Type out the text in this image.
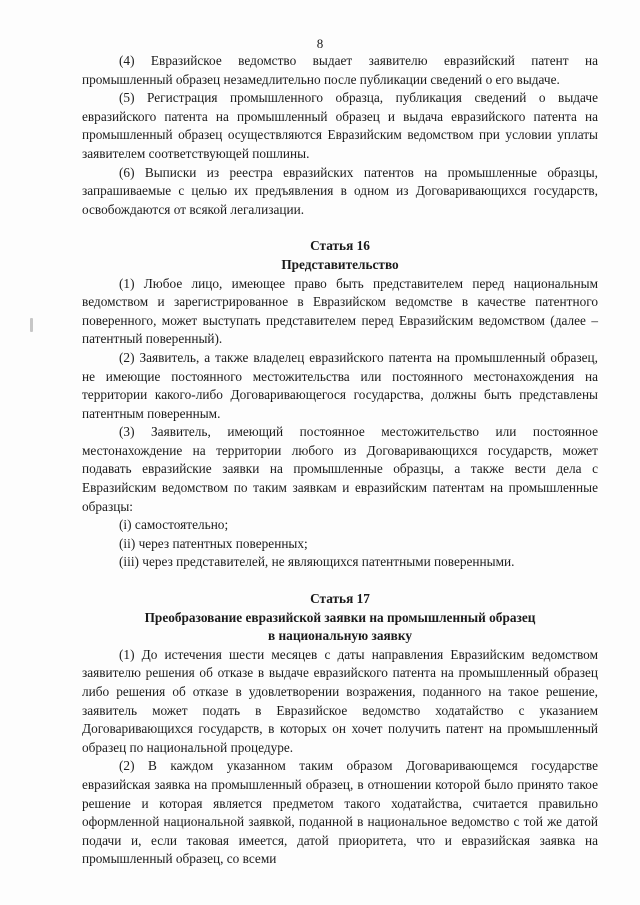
8

(4) Евразийское ведомство выдает заявителю евразийский патент на промышленный образец незамедлительно после публикации сведений о его выдаче.

(5) Регистрация промышленного образца, публикация сведений о выдаче евразийского патента на промышленный образец и выдача евразийского патента на промышленный образец осуществляются Евразийским ведомством при условии уплаты заявителем соответствующей пошлины.

(6) Выписки из реестра евразийских патентов на промышленные образцы, запрашиваемые с целью их предъявления в одном из Договаривающихся государств, освобождаются от всякой легализации.

Статья 16

Представительство

(1) Любое лицо, имеющее право быть представителем перед национальным ведомством и зарегистрированное в Евразийском ведомстве в качестве патентного поверенного, может выступать представителем перед Евразийским ведомством (далее – патентный поверенный).

(2) Заявитель, а также владелец евразийского патента на промышленный образец, не имеющие постоянного местожительства или постоянного местонахождения на территории какого-либо Договаривающегося государства, должны быть представлены патентным поверенным.

(3) Заявитель, имеющий постоянное местожительство или постоянное местонахождение на территории любого из Договаривающихся государств, может подавать евразийские заявки на промышленные образцы, а также вести дела с Евразийским ведомством по таким заявкам и евразийским патентам на промышленные образцы:

(i) самостоятельно;

(ii) через патентных поверенных;

(iii) через представителей, не являющихся патентными поверенными.

Статья 17

Преобразование евразийской заявки на промышленный образец

в национальную заявку

(1) До истечения шести месяцев с даты направления Евразийским ведомством заявителю решения об отказе в выдаче евразийского патента на промышленный образец либо решения об отказе в удовлетворении возражения, поданного на такое решение, заявитель может подать в Евразийское ведомство ходатайство с указанием Договаривающихся государств, в которых он хочет получить патент на промышленный образец по национальной процедуре.

(2) В каждом указанном таким образом Договаривающемся государстве евразийская заявка на промышленный образец, в отношении которой было принято такое решение и которая является предметом такого ходатайства, считается правильно оформленной национальной заявкой, поданной в национальное ведомство с той же датой подачи и, если таковая имеется, датой приоритета, что и евразийская заявка на промышленный образец, со всеми
